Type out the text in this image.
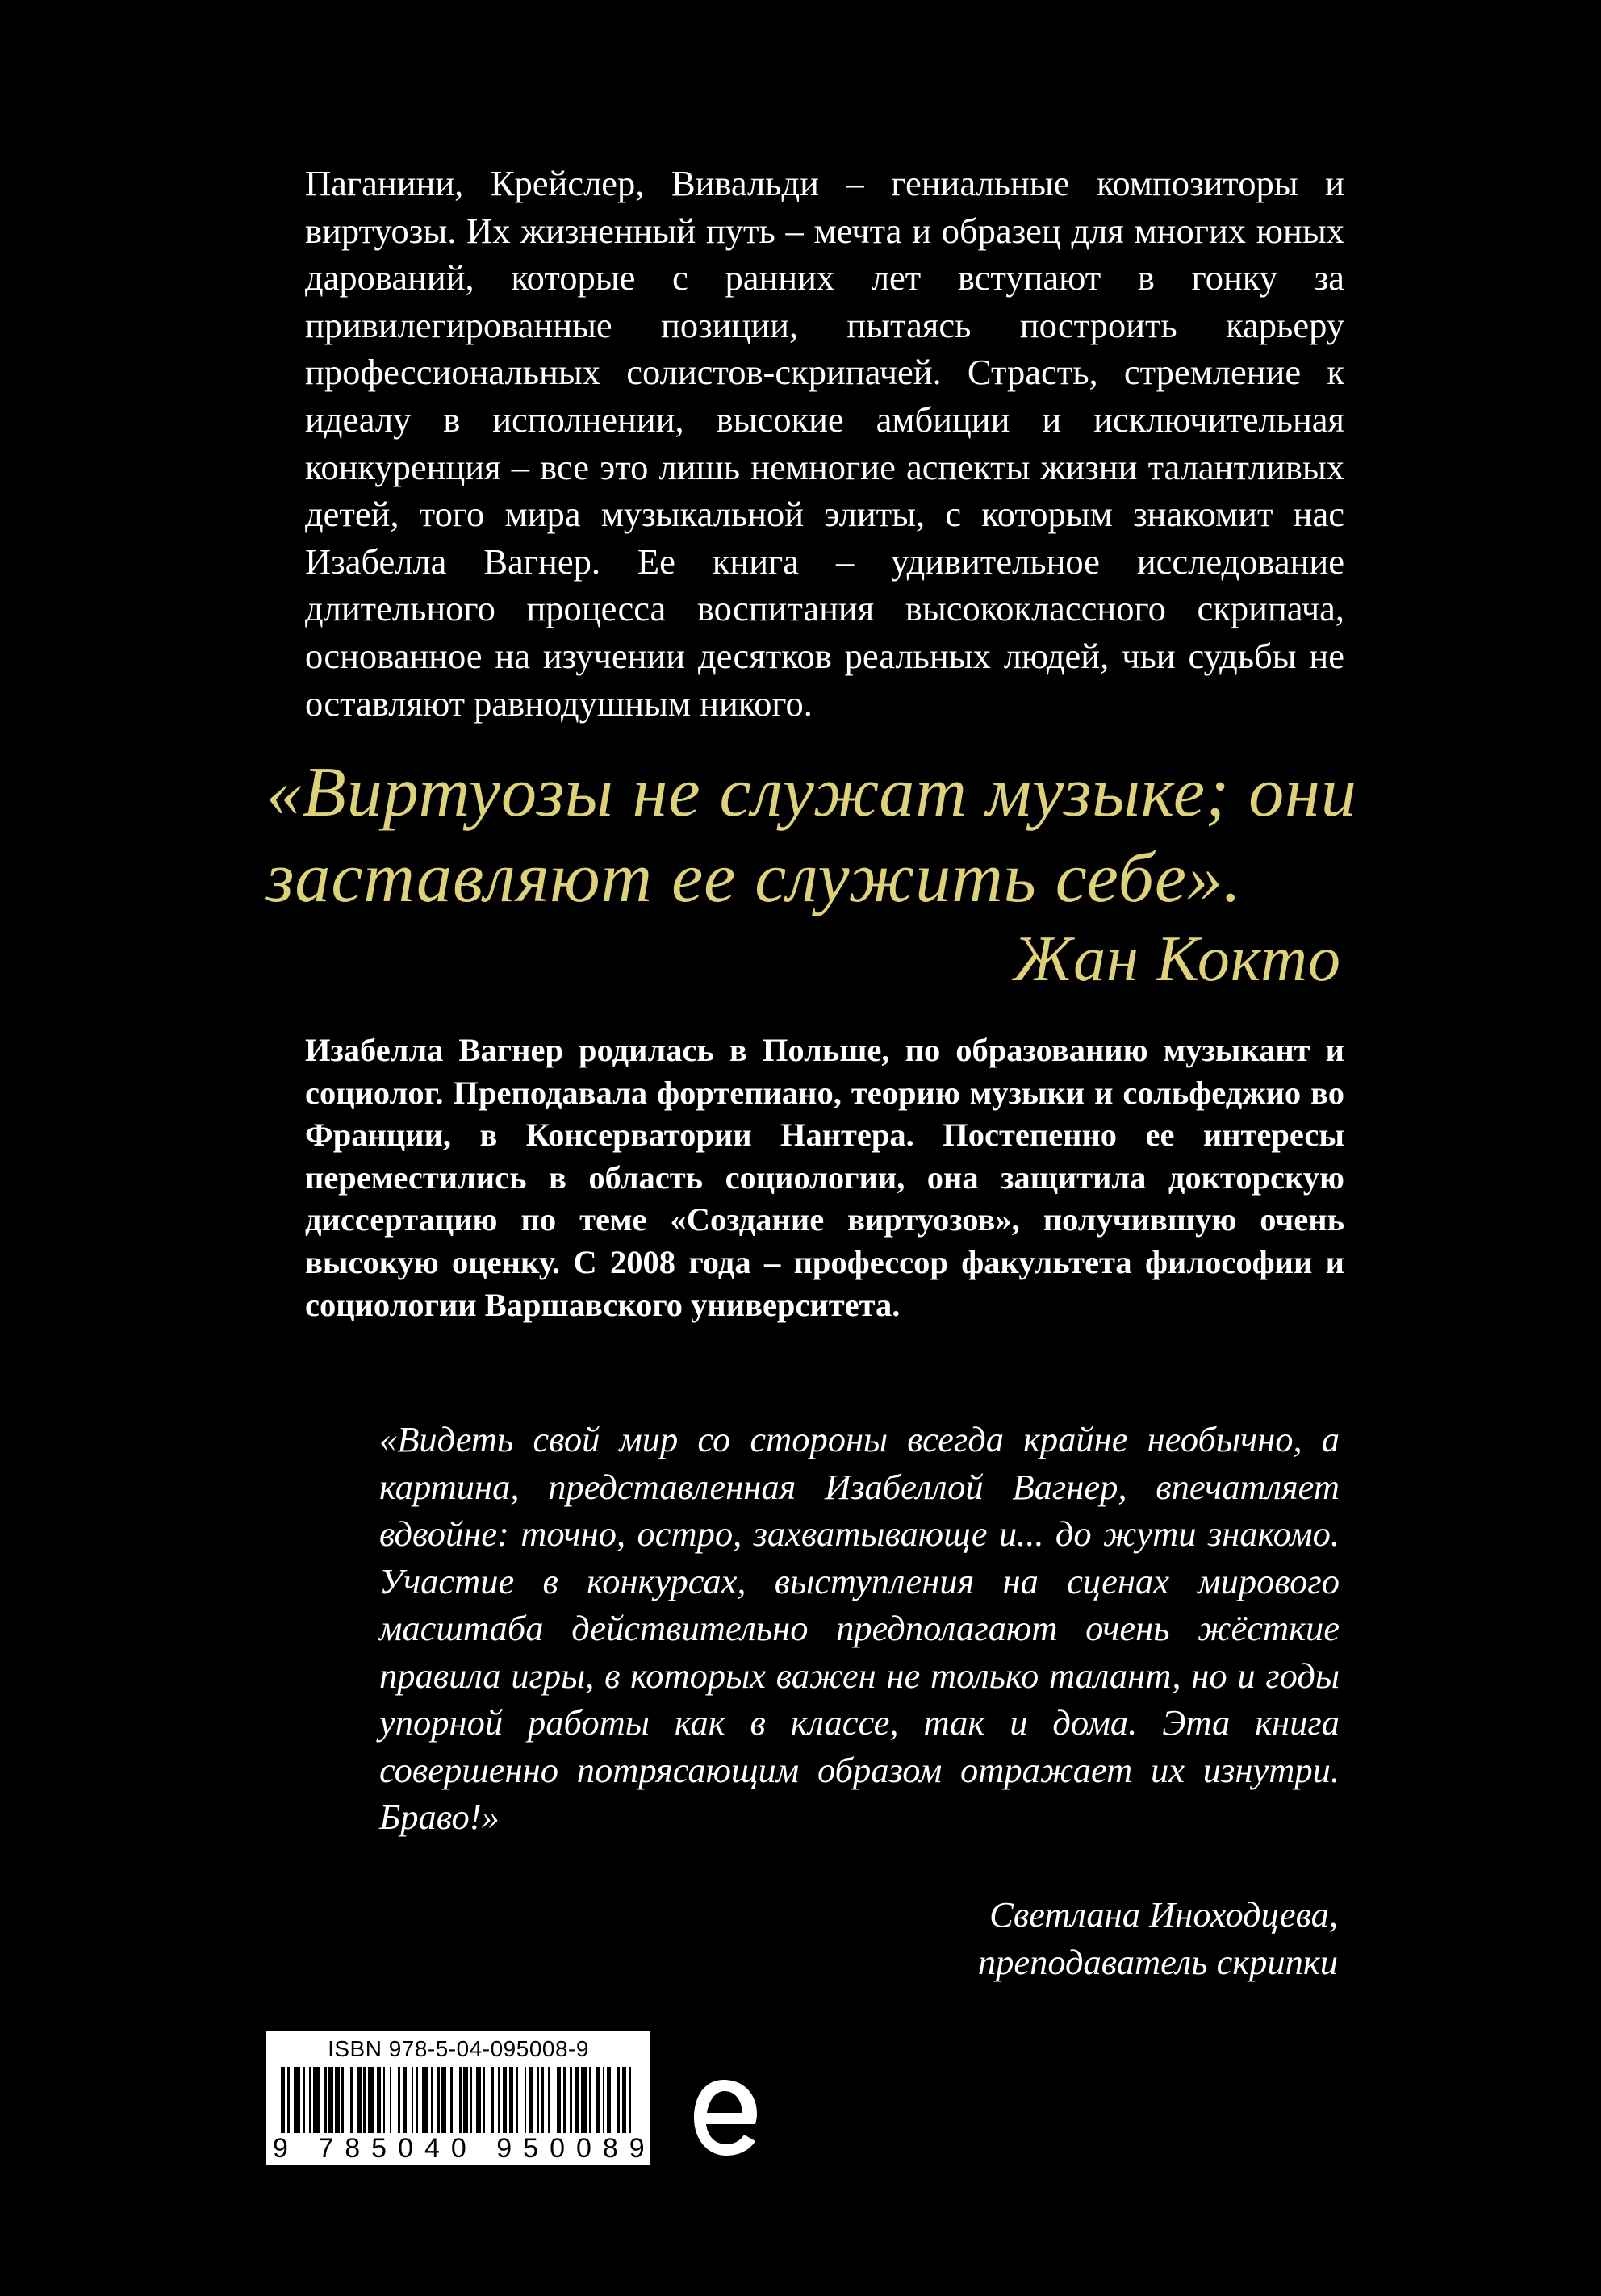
Паганини, Крейслер, Вивальди – гениальные композиторы и виртуозы. Их жизненный путь – мечта и образец для многих юных дарований, которые с ранних лет вступают в гонку за привилегированные позиции, пытаясь построить карьеру профессиональных солистов-скрипачей. Страсть, стремление к идеалу в исполнении, высокие амбиции и исключительная конкуренция – все это лишь немногие аспекты жизни талантливых детей, того мира музыкальной элиты, с которым знакомит нас Изабелла Вагнер. Ее книга – удивительное исследование длительного процесса воспитания высококлассного скрипача, основанное на изучении десятков реальных людей, чьи судьбы не оставляют равнодушным никого.

«Виртуозы не служат музыке; они
заставляют ее служить себе».
Жан Кокто

Изабелла Вагнер родилась в Польше, по образованию музыкант и социолог. Преподавала фортепиано, теорию музыки и сольфеджио во Франции, в Консерватории Нантера. Постепенно ее интересы переместились в область социологии, она защитила докторскую диссертацию по теме «Создание виртуозов», получившую очень высокую оценку. С 2008 года – профессор факультета философии и социологии Варшавского университета.

«Видеть свой мир со стороны всегда крайне необычно, а картина, представленная Изабеллой Вагнер, впечатляет вдвойне: точно, остро, захватывающе и... до жути знакомо. Участие в конкурсах, выступления на сценах мирового масштаба действительно предполагают очень жёсткие правила игры, в которых важен не только талант, но и годы упорной работы как в классе, так и дома. Эта книга совершенно потрясающим образом отражает их изнутри. Браво!»

Светлана Иноходцева,
преподаватель скрипки
ISBN 978-5-04-095008-9
9 785040 950089 >
